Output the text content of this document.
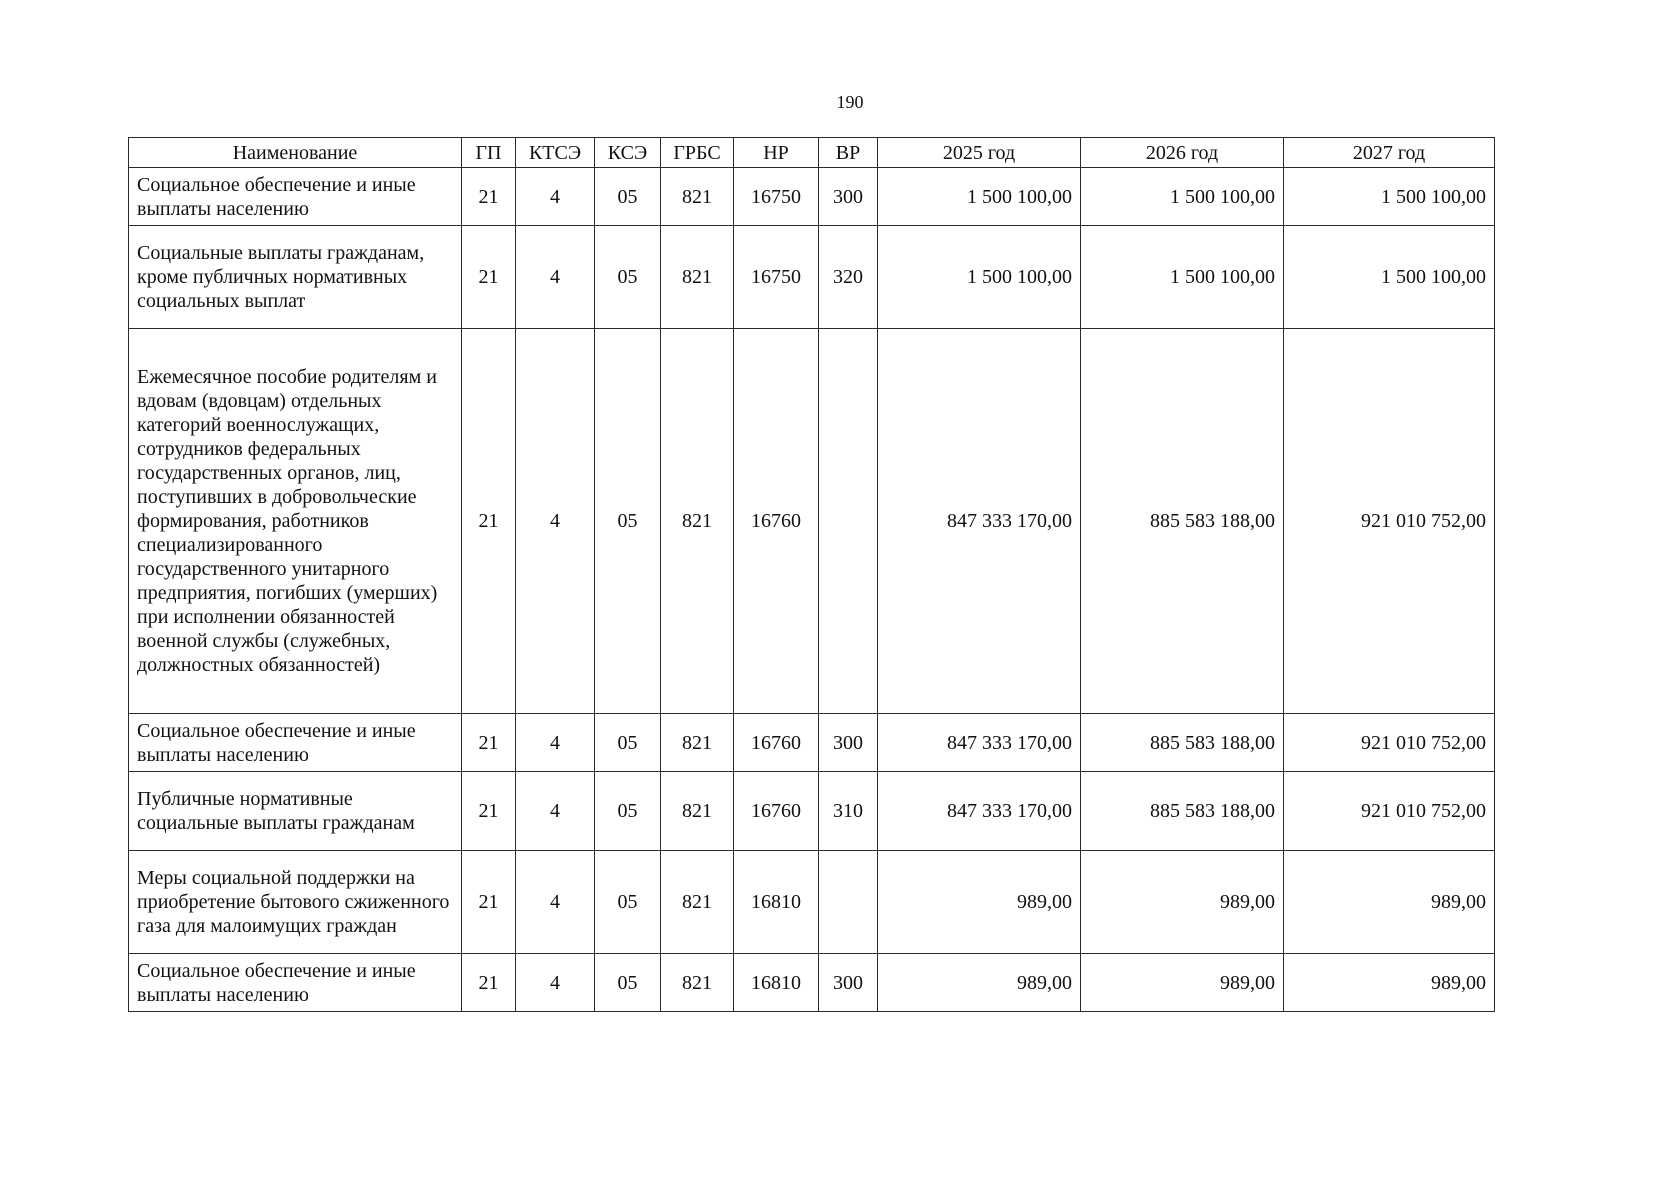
190
Наименование	ГП	КТСЭ	КСЭ	ГРБС	НР	ВР	2025 год	2026 год	2027 год
Социальное обеспечение и иные выплаты населению	21	4	05	821	16750	300	1 500 100,00	1 500 100,00	1 500 100,00
Социальные выплаты гражданам, кроме публичных нормативных социальных выплат	21	4	05	821	16750	320	1 500 100,00	1 500 100,00	1 500 100,00
Ежемесячное пособие родителям и вдовам (вдовцам) отдельных категорий военнослужащих, сотрудников федеральных государственных органов, лиц, поступивших в добровольческие формирования, работников специализированного государственного унитарного предприятия, погибших (умерших) при исполнении обязанностей военной службы (служебных, должностных обязанностей)	21	4	05	821	16760		847 333 170,00	885 583 188,00	921 010 752,00
Социальное обеспечение и иные выплаты населению	21	4	05	821	16760	300	847 333 170,00	885 583 188,00	921 010 752,00
Публичные нормативные социальные выплаты гражданам	21	4	05	821	16760	310	847 333 170,00	885 583 188,00	921 010 752,00
Меры социальной поддержки на приобретение бытового сжиженного газа для малоимущих граждан	21	4	05	821	16810		989,00	989,00	989,00
Социальное обеспечение и иные выплаты населению	21	4	05	821	16810	300	989,00	989,00	989,00
